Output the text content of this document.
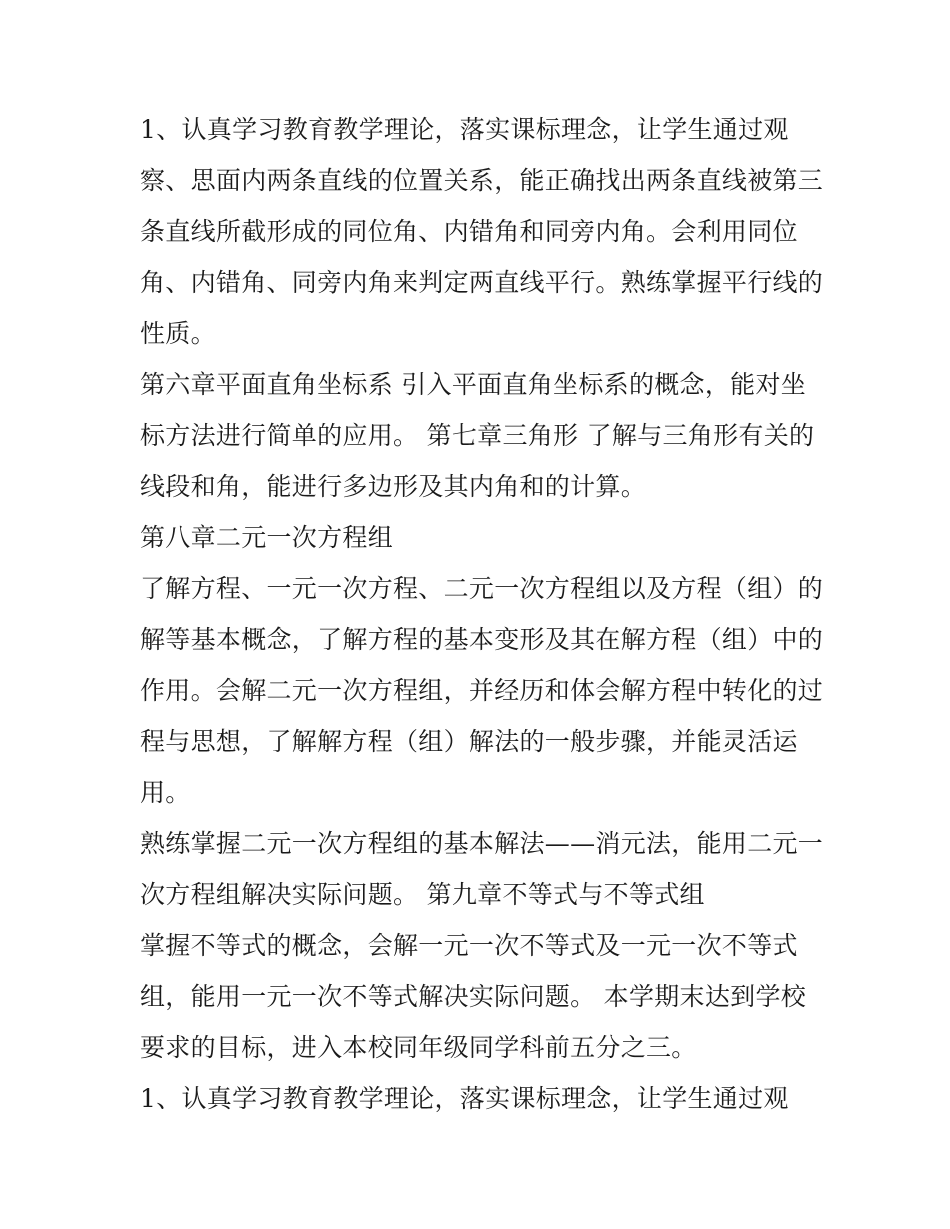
1、认真学习教育教学理论，落实课标理念，让学生通过观
察、思面内两条直线的位置关系，能正确找出两条直线被第三
条直线所截形成的同位角、内错角和同旁内角。会利用同位
角、内错角、同旁内角来判定两直线平行。熟练掌握平行线的
性质。
第六章平面直角坐标系 引入平面直角坐标系的概念，能对坐
标方法进行简单的应用。 第七章三角形 了解与三角形有关的
线段和角，能进行多边形及其内角和的计算。
第八章二元一次方程组
了解方程、一元一次方程、二元一次方程组以及方程（组）的
解等基本概念，了解方程的基本变形及其在解方程（组）中的
作用。会解二元一次方程组，并经历和体会解方程中转化的过
程与思想，了解解方程（组）解法的一般步骤，并能灵活运
用。
熟练掌握二元一次方程组的基本解法——消元法，能用二元一
次方程组解决实际问题。 第九章不等式与不等式组
掌握不等式的概念，会解一元一次不等式及一元一次不等式
组，能用一元一次不等式解决实际问题。 本学期末达到学校
要求的目标，进入本校同年级同学科前五分之三。
1、认真学习教育教学理论，落实课标理念，让学生通过观
